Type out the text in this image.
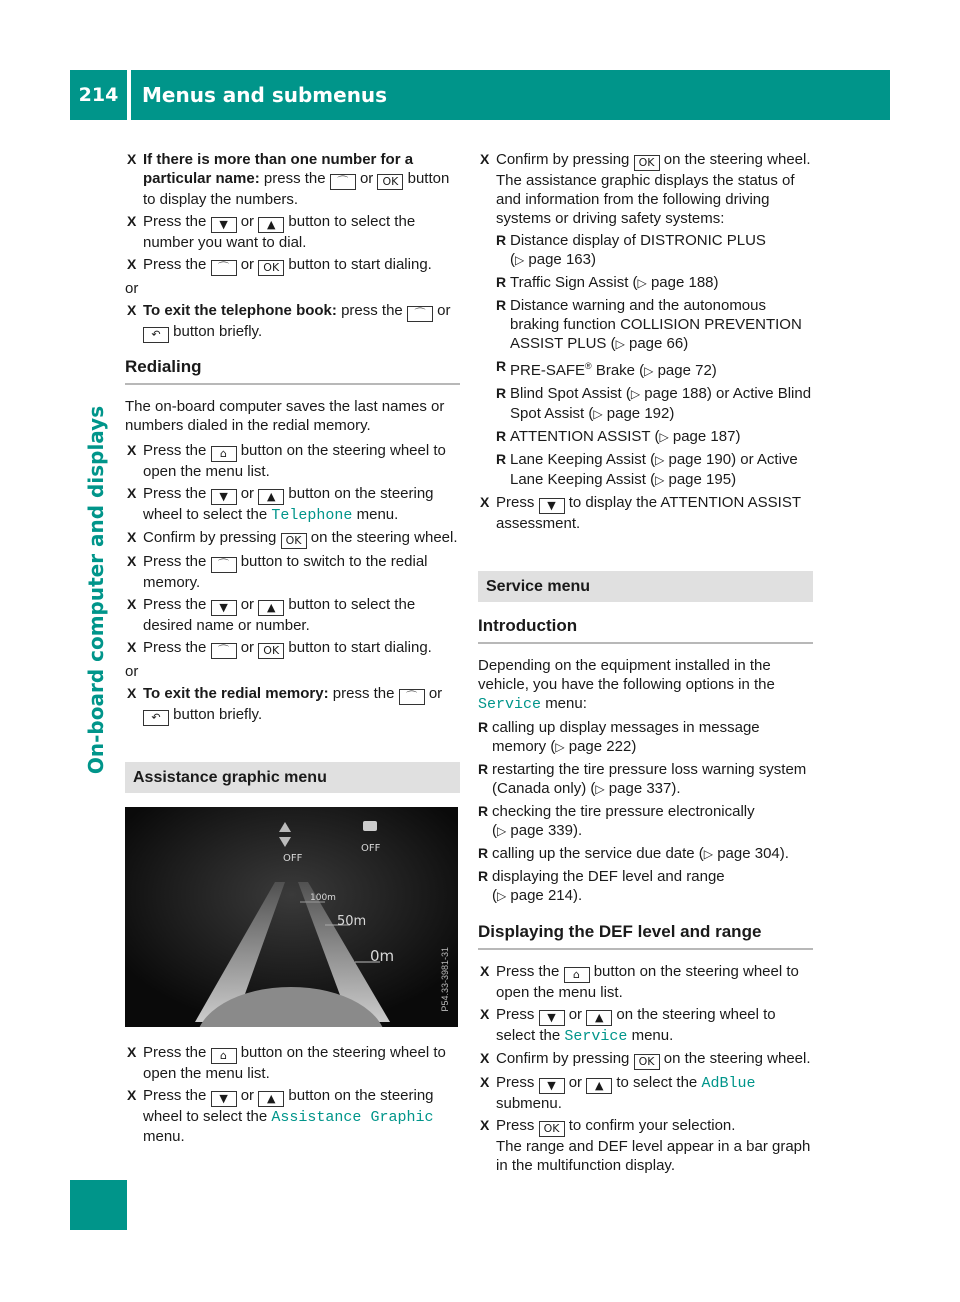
214	Menus and submenus
On-board computer and displays
X If there is more than one number for a particular name: press the ⌒ or OK button to display the numbers.
X Press the ▼ or ▲ button to select the number you want to dial.
X Press the ⌒ or OK button to start dialing.
or
X To exit the telephone book: press the ⌒ or ↶ button briefly.
Redialing
The on-board computer saves the last names or numbers dialed in the redial memory.
X Press the ⌂ button on the steering wheel to open the menu list.
X Press the ▼ or ▲ button on the steering wheel to select the Telephone menu.
X Confirm by pressing OK on the steering wheel.
X Press the ⌒ button to switch to the redial memory.
X Press the ▼ or ▲ button to select the desired name or number.
X Press the ⌒ or OK button to start dialing.
or
X To exit the redial memory: press the ⌒ or ↶ button briefly.
Assistance graphic menu
OFF
OFF
100m
50m
0m	P54.33-3981-31
X Press the ⌂ button on the steering wheel to open the menu list.
X Press the ▼ or ▲ button on the steering wheel to select the Assistance Graphic menu.
X Confirm by pressing OK on the steering wheel.
The assistance graphic displays the status of and information from the following driving systems or driving safety systems:
R Distance display of DISTRONIC PLUS
(▷ page 163)
R Traffic Sign Assist (▷ page 188)
R Distance warning and the autonomous braking function COLLISION PREVENTION ASSIST PLUS (▷ page 66)
R PRE-SAFE® Brake (▷ page 72)
R Blind Spot Assist (▷ page 188) or Active Blind Spot Assist (▷ page 192)
R ATTENTION ASSIST (▷ page 187)
R Lane Keeping Assist (▷ page 190) or Active Lane Keeping Assist (▷ page 195)
X Press ▼ to display the ATTENTION ASSIST assessment.
Service menu
Introduction
Depending on the equipment installed in the vehicle, you have the following options in the Service menu:
R calling up display messages in message memory (▷ page 222)
R restarting the tire pressure loss warning system (Canada only) (▷ page 337).
R checking the tire pressure electronically
(▷ page 339).
R calling up the service due date (▷ page 304).
R displaying the DEF level and range
(▷ page 214).
Displaying the DEF level and range
X Press the ⌂ button on the steering wheel to open the menu list.
X Press ▼ or ▲ on the steering wheel to select the Service menu.
X Confirm by pressing OK on the steering wheel.
X Press ▼ or ▲ to select the AdBlue submenu.
X Press OK to confirm your selection.
The range and DEF level appear in a bar graph in the multifunction display.
